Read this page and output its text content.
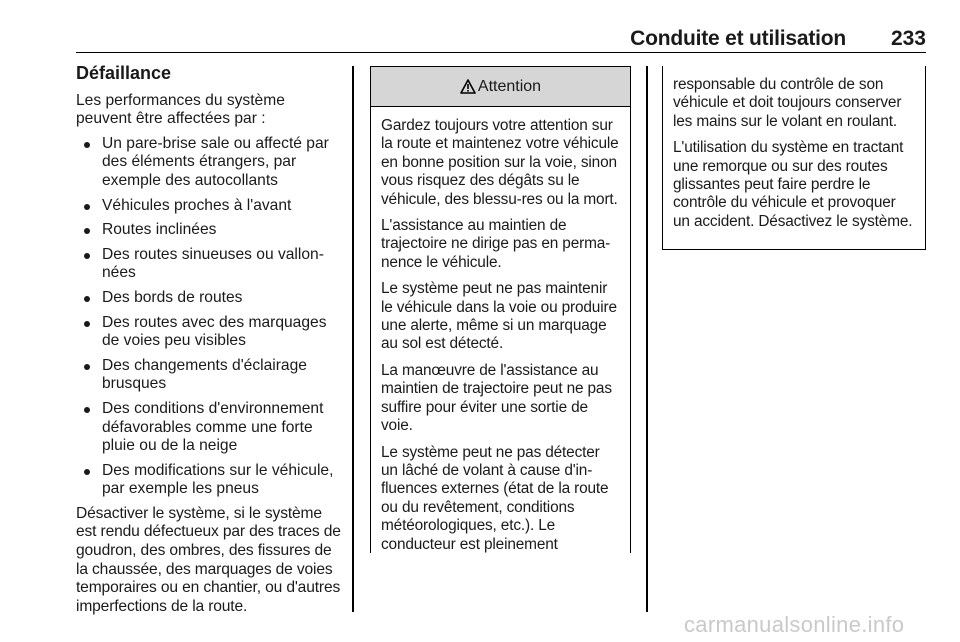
Conduite et utilisation 233
Défaillance

Les performances du système peuvent être affectées par :

Un pare-brise sale ou affecté par des éléments étrangers, par exemple des autocollants
Véhicules proches à l'avant
Routes inclinées
Des routes sinueuses ou vallon-nées
Des bords de routes
Des routes avec des marquages de voies peu visibles
Des changements d'éclairage brusques
Des conditions d'environnement défavorables comme une forte pluie ou de la neige
Des modifications sur le véhicule, par exemple les pneus

Désactiver le système, si le système est rendu défectueux par des traces de goudron, des ombres, des fissures de la chaussée, des marquages de voies temporaires ou en chantier, ou d'autres imperfections de la route.

Attention

Gardez toujours votre attention sur la route et maintenez votre véhicule en bonne position sur la voie, sinon vous risquez des dégâts su le véhicule, des blessu-res ou la mort.

L'assistance au maintien de trajectoire ne dirige pas en perma-nence le véhicule.

Le système peut ne pas maintenir le véhicule dans la voie ou produire une alerte, même si un marquage au sol est détecté.

La manœuvre de l'assistance au maintien de trajectoire peut ne pas suffire pour éviter une sortie de voie.

Le système peut ne pas détecter un lâché de volant à cause d'in-fluences externes (état de la route ou du revêtement, conditions météorologiques, etc.). Le conducteur est pleinement

responsable du contrôle de son véhicule et doit toujours conserver les mains sur le volant en roulant.

L'utilisation du système en tractant une remorque ou sur des routes glissantes peut faire perdre le contrôle du véhicule et provoquer un accident. Désactivez le système.

carmanualsonline.info
